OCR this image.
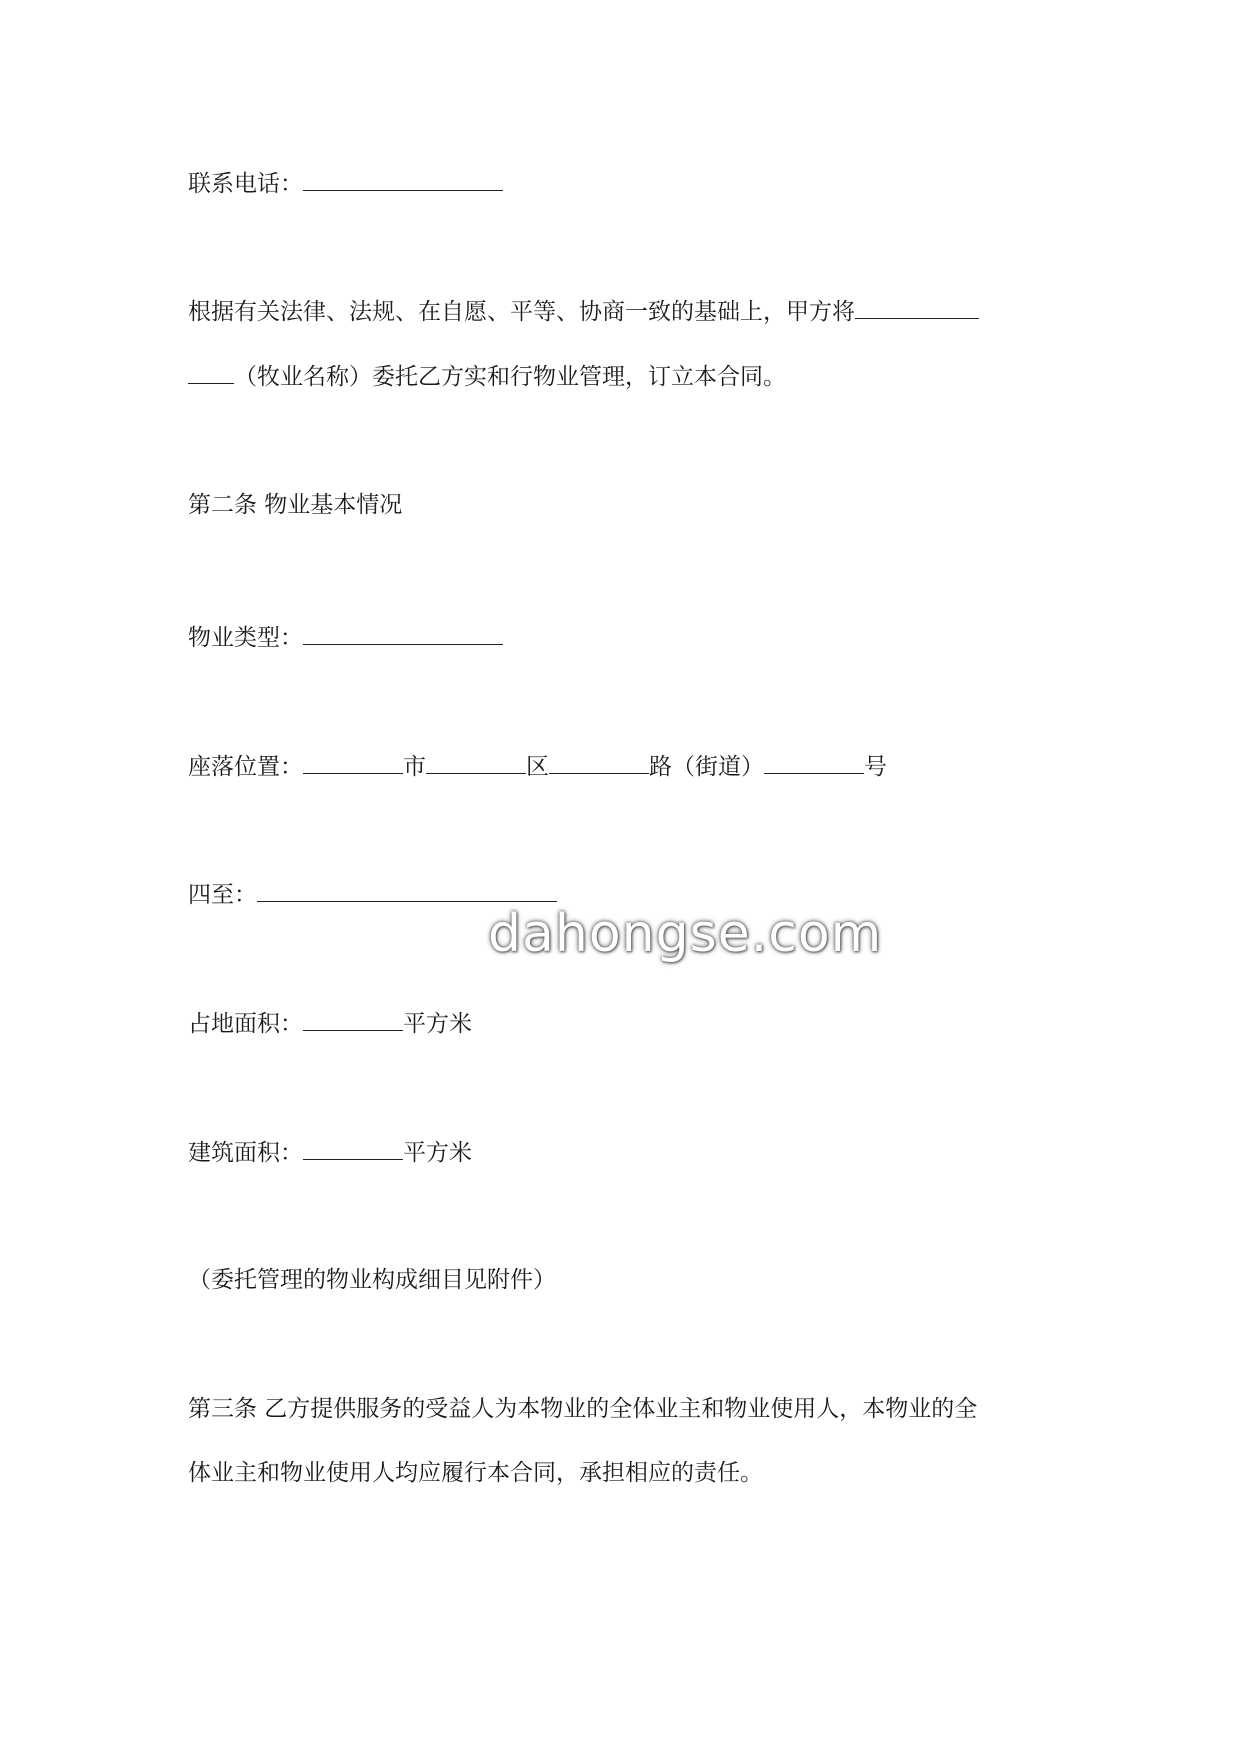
联系电话：

根据有关法律、法规、在自愿、平等、协商一致的基础上，甲方将

（牧业名称）委托乙方实和行物业管理，订立本合同。

第二条 物业基本情况

物业类型：

座落位置：	市	区	路（街道）	号

四至：

占地面积：	平方米

建筑面积：	平方米

（委托管理的物业构成细目见附件）

第三条 乙方提供服务的受益人为本物业的全体业主和物业使用人，本物业的全

体业主和物业使用人均应履行本合同，承担相应的责任。

dahongse.com
